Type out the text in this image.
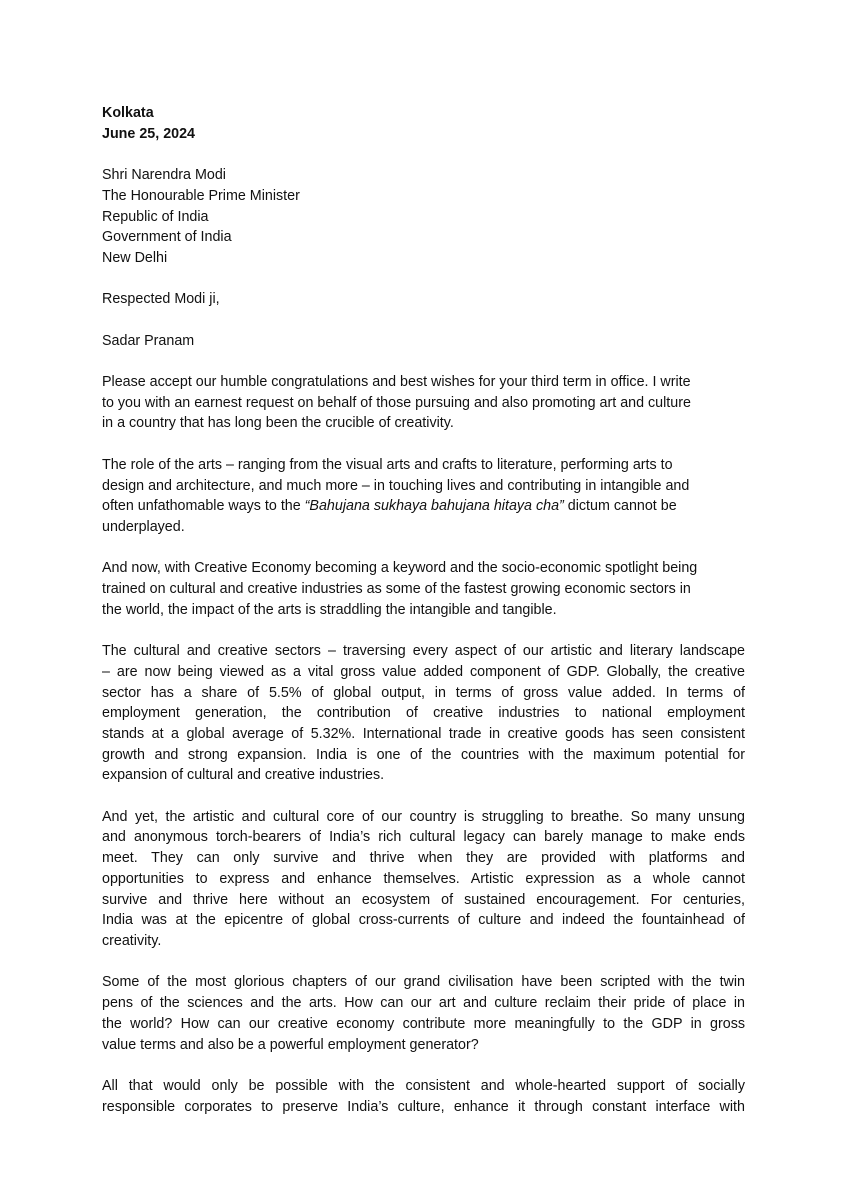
Kolkata
June 25, 2024
Shri Narendra Modi
The Honourable Prime Minister
Republic of India
Government of India
New Delhi
Respected Modi ji,
Sadar Pranam
Please accept our humble congratulations and best wishes for your third term in office. I write
to you with an earnest request on behalf of those pursuing and also promoting art and culture
in a country that has long been the crucible of creativity.
The role of the arts – ranging from the visual arts and crafts to literature, performing arts to
design and architecture, and much more – in touching lives and contributing in intangible and
often unfathomable ways to the “Bahujana sukhaya bahujana hitaya cha” dictum cannot be
underplayed.
And now, with Creative Economy becoming a keyword and the socio-economic spotlight being
trained on cultural and creative industries as some of the fastest growing economic sectors in
the world, the impact of the arts is straddling the intangible and tangible.
The cultural and creative sectors – traversing every aspect of our artistic and literary landscape
– are now being viewed as a vital gross value added component of GDP. Globally, the creative
sector has a share of 5.5% of global output, in terms of gross value added. In terms of
employment generation, the contribution of creative industries to national employment
stands at a global average of 5.32%. International trade in creative goods has seen consistent
growth and strong expansion. India is one of the countries with the maximum potential for
expansion of cultural and creative industries.
And yet, the artistic and cultural core of our country is struggling to breathe. So many unsung
and anonymous torch-bearers of India’s rich cultural legacy can barely manage to make ends
meet. They can only survive and thrive when they are provided with platforms and
opportunities to express and enhance themselves. Artistic expression as a whole cannot
survive and thrive here without an ecosystem of sustained encouragement. For centuries,
India was at the epicentre of global cross-currents of culture and indeed the fountainhead of
creativity.
Some of the most glorious chapters of our grand civilisation have been scripted with the twin
pens of the sciences and the arts. How can our art and culture reclaim their pride of place in
the world? How can our creative economy contribute more meaningfully to the GDP in gross
value terms and also be a powerful employment generator?
All that would only be possible with the consistent and whole-hearted support of socially
responsible corporates to preserve India’s culture, enhance it through constant interface with
